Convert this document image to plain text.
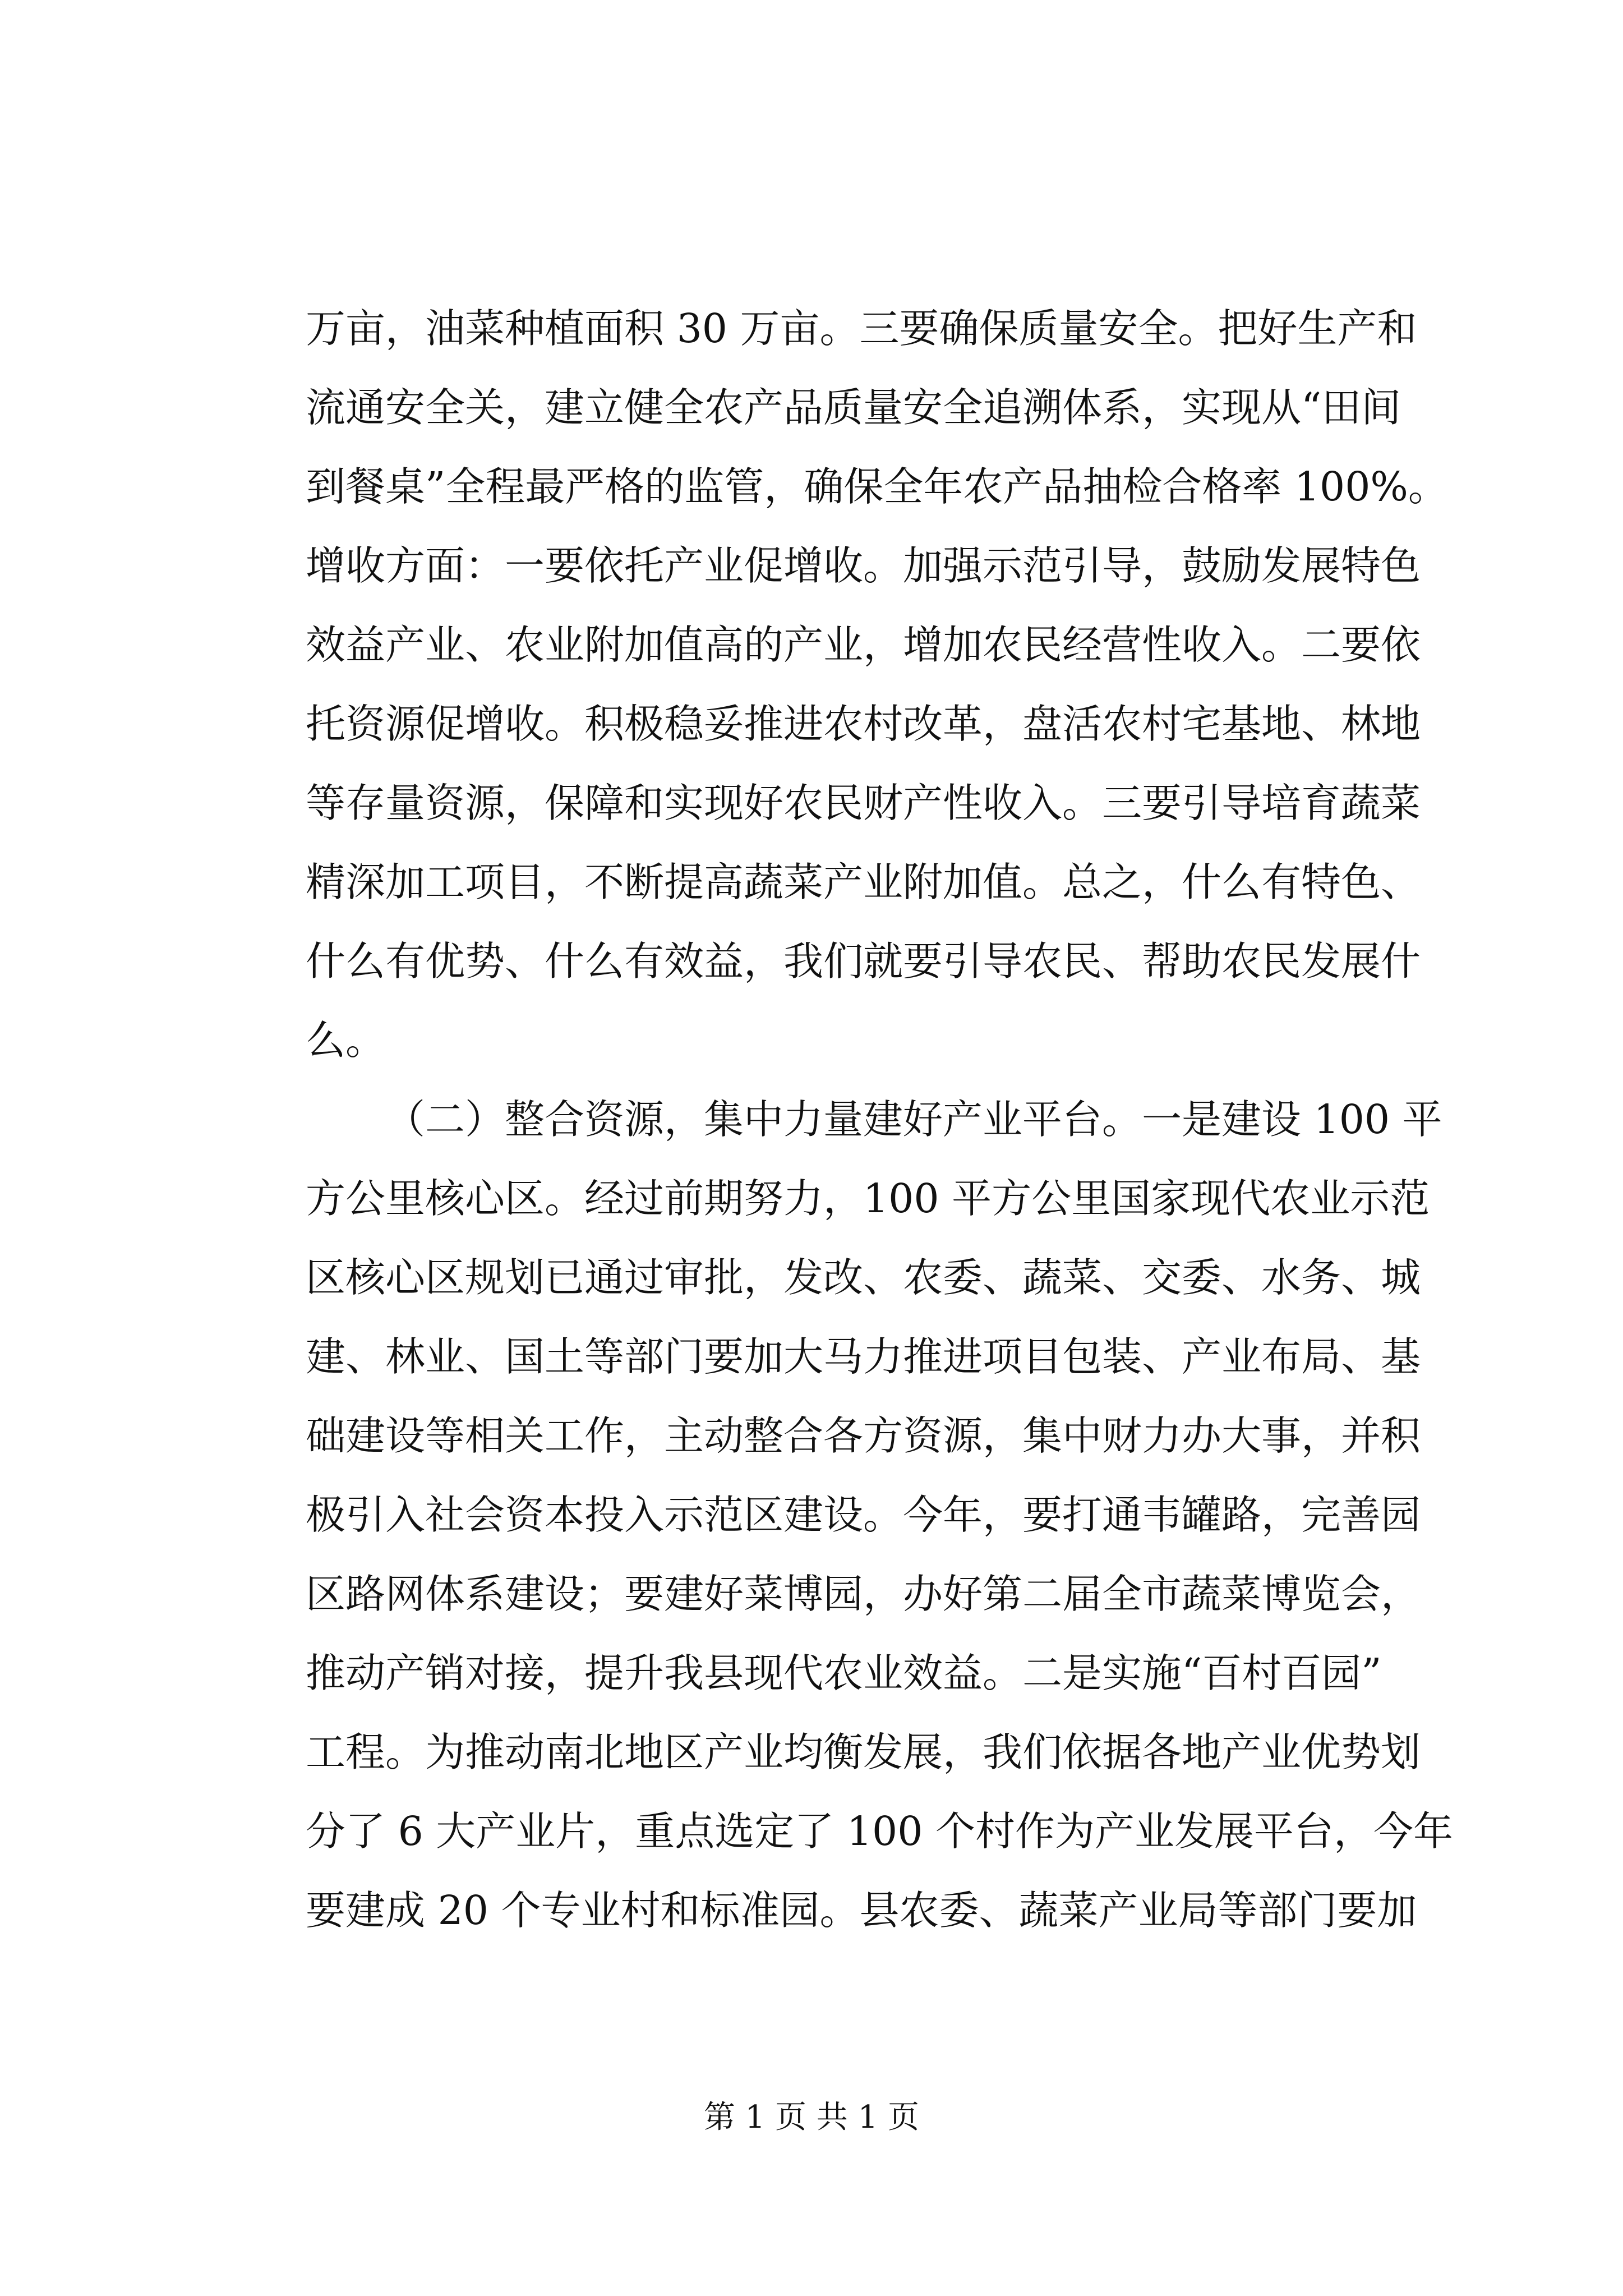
万亩，油菜种植面积 30 万亩。三要确保质量安全。把好生产和
流通安全关，建立健全农产品质量安全追溯体系，实现从“田间
到餐桌”全程最严格的监管，确保全年农产品抽检合格率 100%。
增收方面：一要依托产业促增收。加强示范引导，鼓励发展特色
效益产业、农业附加值高的产业，增加农民经营性收入。二要依
托资源促增收。积极稳妥推进农村改革，盘活农村宅基地、林地
等存量资源，保障和实现好农民财产性收入。三要引导培育蔬菜
精深加工项目，不断提高蔬菜产业附加值。总之，什么有特色、
什么有优势、什么有效益，我们就要引导农民、帮助农民发展什
么。
（二）整合资源，集中力量建好产业平台。一是建设 100 平
方公里核心区。经过前期努力，100 平方公里国家现代农业示范
区核心区规划已通过审批，发改、农委、蔬菜、交委、水务、城
建、林业、国土等部门要加大马力推进项目包装、产业布局、基
础建设等相关工作，主动整合各方资源，集中财力办大事，并积
极引入社会资本投入示范区建设。今年，要打通韦罐路，完善园
区路网体系建设；要建好菜博园，办好第二届全市蔬菜博览会，
推动产销对接，提升我县现代农业效益。二是实施“百村百园”
工程。为推动南北地区产业均衡发展，我们依据各地产业优势划
分了 6 大产业片，重点选定了 100 个村作为产业发展平台，今年
要建成 20 个专业村和标准园。县农委、蔬菜产业局等部门要加
第 1 页 共 1 页
